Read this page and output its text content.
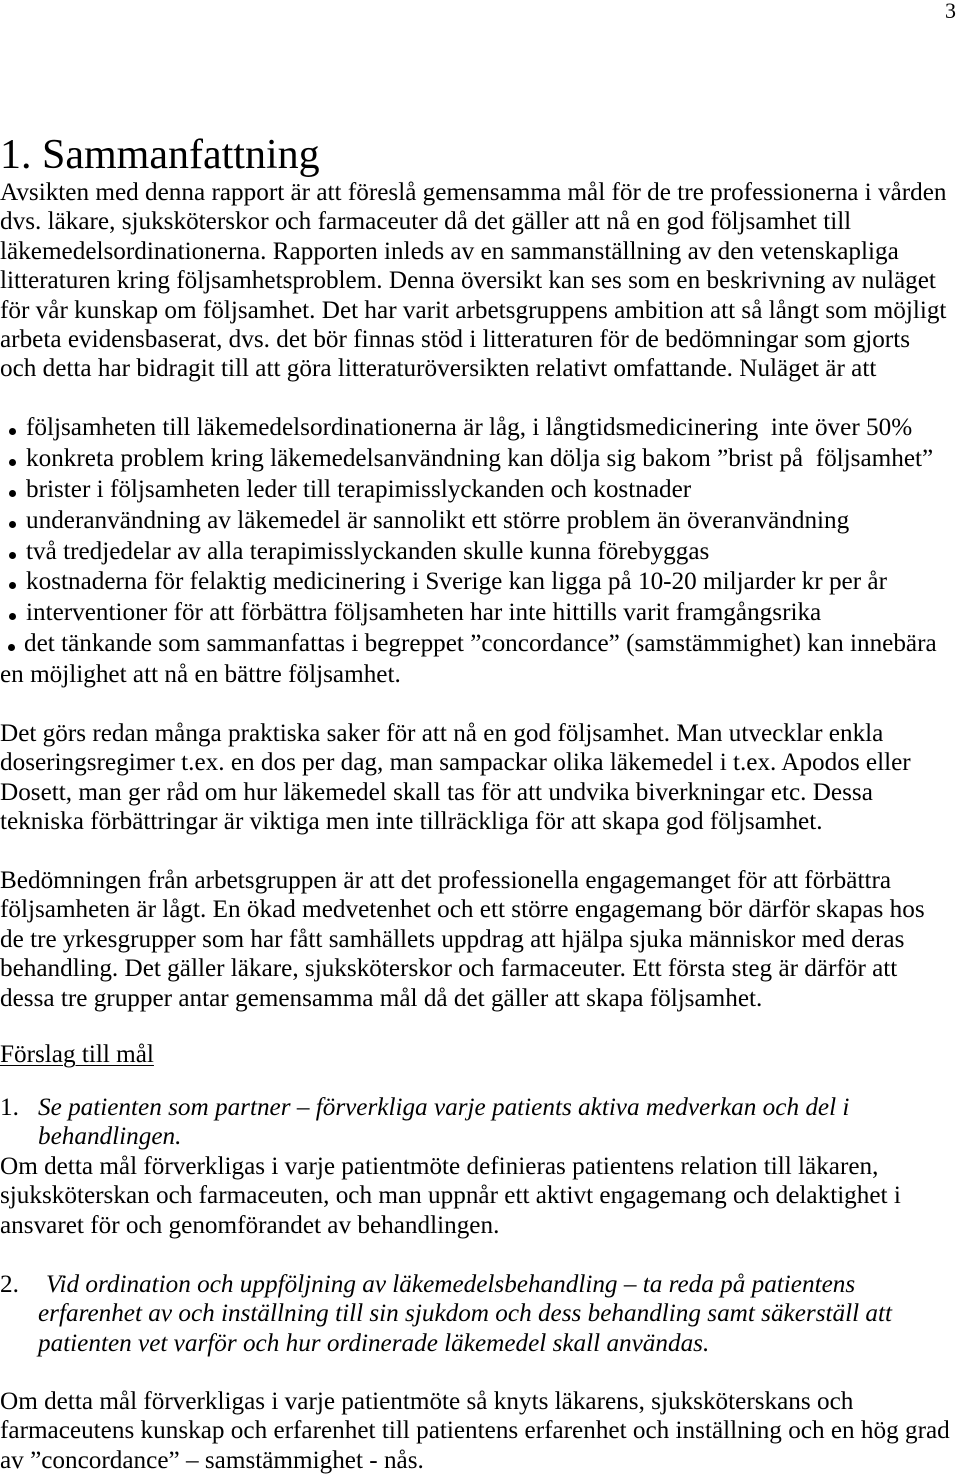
3
1. Sammanfattning
Avsikten med denna rapport är att föreslå gemensamma mål för de tre professionerna i vården
dvs. läkare, sjuksköterskor och farmaceuter då det gäller att nå en god följsamhet till
läkemedelsordinationerna. Rapporten inleds av en sammanställning av den vetenskapliga
litteraturen kring följsamhetsproblem. Denna översikt kan ses som en beskrivning av nuläget
för vår kunskap om följsamhet. Det har varit arbetsgruppens ambition att så långt som möjligt
arbeta evidensbaserat, dvs. det bör finnas stöd i litteraturen för de bedömningar som gjorts
och detta har bidragit till att göra litteraturöversikten relativt omfattande. Nuläget är att
följsamheten till läkemedelsordinationerna är låg, i långtidsmedicinering  inte över 50%
konkreta problem kring läkemedelsanvändning kan dölja sig bakom ”brist på  följsamhet”
brister i följsamheten leder till terapimisslyckanden och kostnader
underanvändning av läkemedel är sannolikt ett större problem än överanvändning
två tredjedelar av alla terapimisslyckanden skulle kunna förebyggas
kostnaderna för felaktig medicinering i Sverige kan ligga på 10-20 miljarder kr per år
interventioner för att förbättra följsamheten har inte hittills varit framgångsrika
det tänkande som sammanfattas i begreppet ”concordance” (samstämmighet) kan innebära
en möjlighet att nå en bättre följsamhet.
Det görs redan många praktiska saker för att nå en god följsamhet. Man utvecklar enkla
doseringsregimer t.ex. en dos per dag, man sampackar olika läkemedel i t.ex. Apodos eller
Dosett, man ger råd om hur läkemedel skall tas för att undvika biverkningar etc. Dessa
tekniska förbättringar är viktiga men inte tillräckliga för att skapa god följsamhet.
Bedömningen från arbetsgruppen är att det professionella engagemanget för att förbättra
följsamheten är lågt. En ökad medvetenhet och ett större engagemang bör därför skapas hos
de tre yrkesgrupper som har fått samhällets uppdrag att hjälpa sjuka människor med deras
behandling. Det gäller läkare, sjuksköterskor och farmaceuter. Ett första steg är därför att
dessa tre grupper antar gemensamma mål då det gäller att skapa följsamhet.
Förslag till mål
1. Se patienten som partner – förverkliga varje patients aktiva medverkan och del i
behandlingen.
Om detta mål förverkligas i varje patientmöte definieras patientens relation till läkaren,
sjuksköterskan och farmaceuten, och man uppnår ett aktivt engagemang och delaktighet i
ansvaret för och genomförandet av behandlingen.
2.	Vid ordination och uppföljning av läkemedelsbehandling – ta reda på patientens
erfarenhet av och inställning till sin sjukdom och dess behandling samt säkerställ att
patienten vet varför och hur ordinerade läkemedel skall användas.
Om detta mål förverkligas i varje patientmöte så knyts läkarens, sjuksköterskans och
farmaceutens kunskap och erfarenhet till patientens erfarenhet och inställning och en hög grad
av ”concordance” – samstämmighet - nås.
